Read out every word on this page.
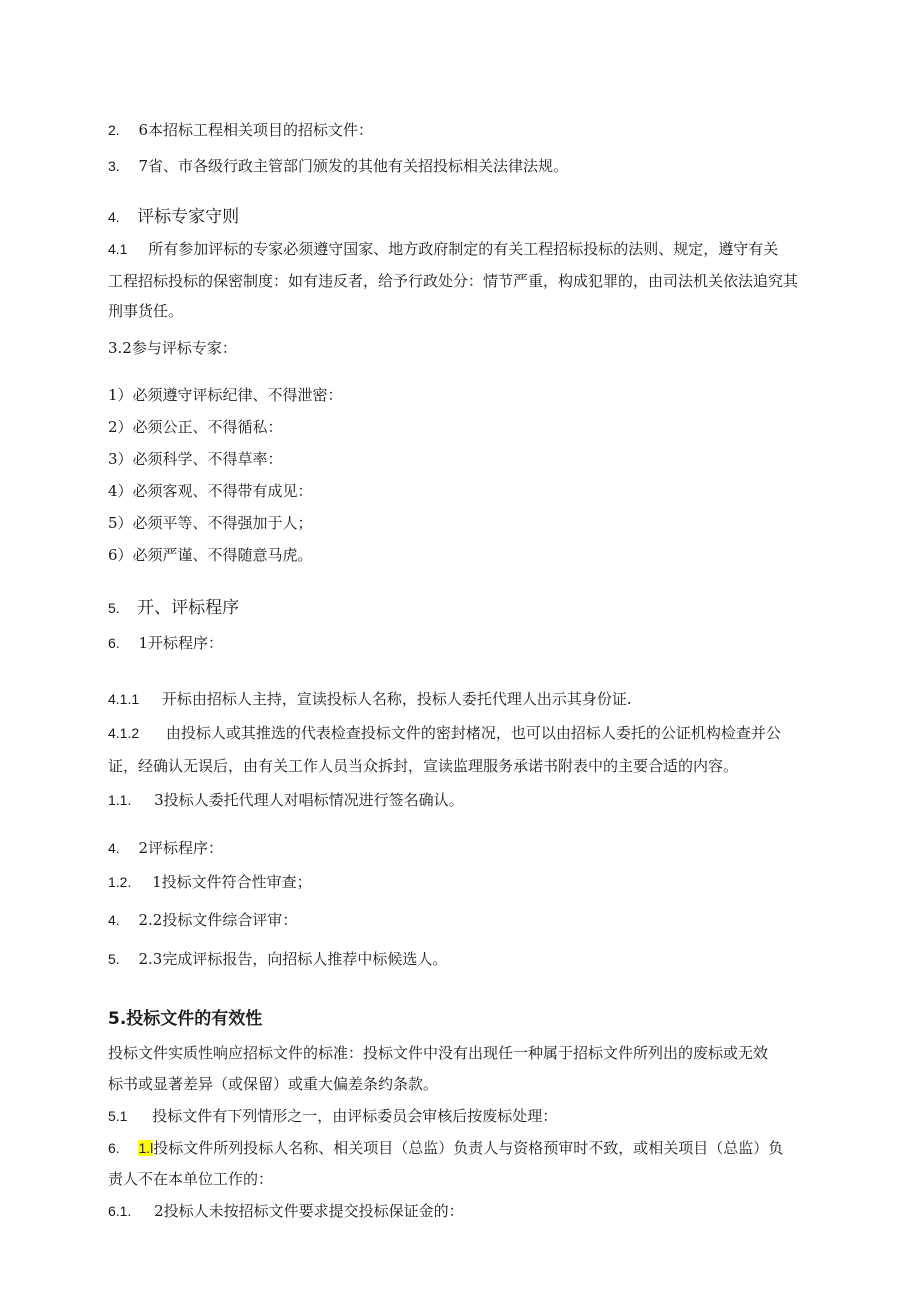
2. 6本招标工程相关项目的招标文件：
3. 7省、市各级行政主管部门颁发的其他有关招投标相关法律法规。
4. 评标专家守则
4.1 所有参加评标的专家必须遵守国家、地方政府制定的有关工程招标投标的法则、规定，遵守有关
工程招标投标的保密制度：如有违反者，给予行政处分：情节严重，构成犯罪的，由司法机关依法追究其
刑事货任。
3.2参与评标专家：
1）必须遵守评标纪律、不得泄密：
2）必须公正、不得循私：
3）必须科学、不得草率：
4）必须客观、不得带有成见：
5）必须平等、不得强加于人；
6）必须严谨、不得随意马虎。
5. 开、评标程序
6. 1开标程序：
4.1.1 开标由招标人主持，宣读投标人名称，投标人委托代理人出示其身份证.
4.1.2 由投标人或其推选的代表检查投标文件的密封楮况，也可以由招标人委托的公证机构检查并公
证，经确认无误后，由有关工作人员当众拆封，宣读监理服务承诺书附表中的主要合适的内容。
1.1. 3投标人委托代理人对唱标情况进行签名确认。
4. 2评标程序：
1.2. 1投标文件符合性审查；
4. 2.2投标文件综合评审：
5. 2.3完成评标报告，向招标人推荐中标候选人。
5.投标文件的有效性
投标文件实质性响应招标文件的标准：投标文件中没有出现任一种属于招标文件所列出的废标或无效
标书或显著差异（或保留）或重大偏差条约条款。
5.1 投标文件有下列情形之一，由评标委员会审核后按废标处理：
6. 1.l投标文件所列投标人名称、相关项目（总监）负责人与资格预审时不致，或相关项目（总监）负
责人不在本单位工作的：
6.1. 2投标人未按招标文件要求提交投标保证金的：
